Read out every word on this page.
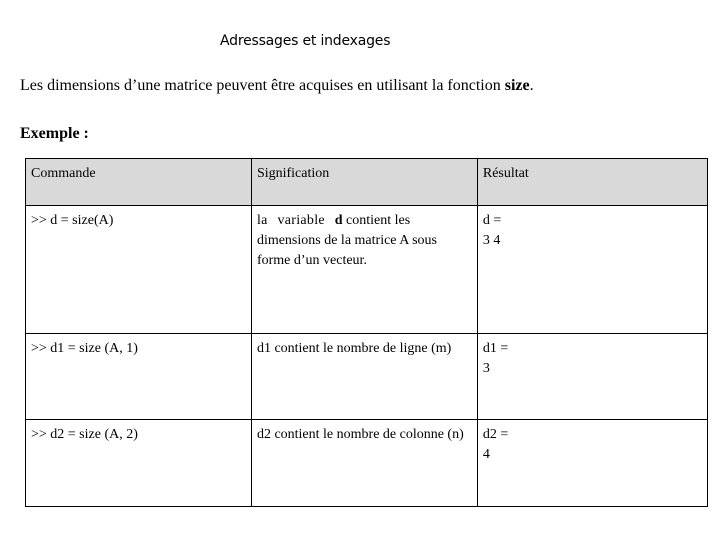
Adressages et indexages
Les dimensions d’une matrice peuvent être acquises en utilisant la fonction size.
Exemple :
Commande	Signification	Résultat
>> d = size(A)	la variable d contient les dimensions de la matrice A sous forme d’un vecteur.	d =
3 4

>> d1 = size (A, 1)	d1 contient le nombre de ligne (m)	d1 =
3

>> d2 = size (A, 2)	d2 contient le nombre de colonne (n)	d2 =
4
